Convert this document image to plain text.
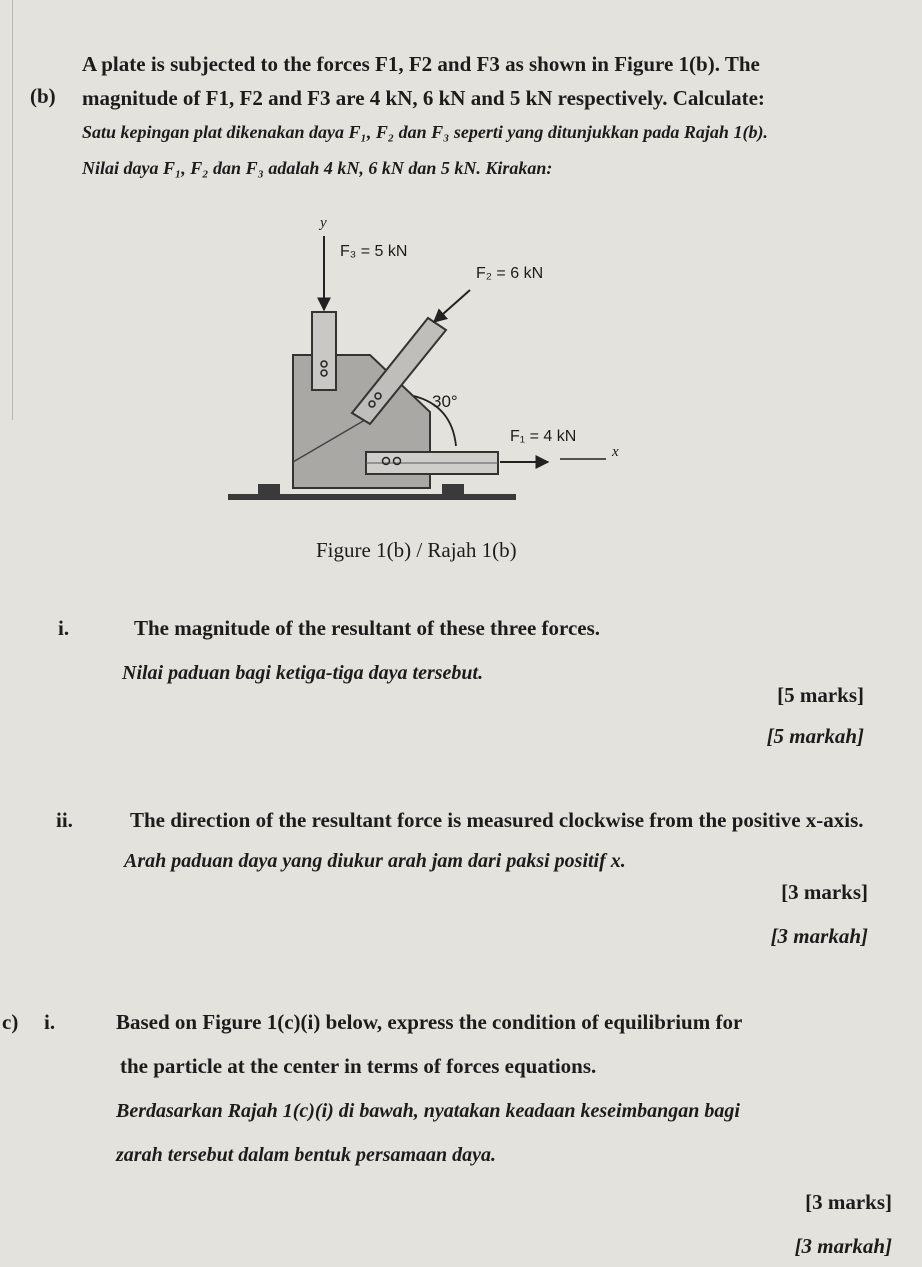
(b)
A plate is subjected to the forces F1, F2 and F3 as shown in Figure 1(b). The
magnitude of F1, F2 and F3 are 4 kN, 6 kN and 5 kN respectively. Calculate:
Satu kepingan plat dikenakan daya F₁, F₂ dan F₃ seperti yang ditunjukkan pada Rajah 1(b).
Nilai daya F₁, F₂ dan F₃ adalah 4 kN, 6 kN dan 5 kN. Kirakan:
y
x
F₃ = 5 kN
F₂ = 6 kN
F₁ = 4 kN
30°
Figure 1(b) / Rajah 1(b)
i.	The magnitude of the resultant of these three forces.
Nilai paduan bagi ketiga-tiga daya tersebut.
[5 marks]
[5 markah]
ii.	The direction of the resultant force is measured clockwise from the positive x-axis.
Arah paduan daya yang diukur arah jam dari paksi positif x.
[3 marks]
[3 markah]
c) i.	Based on Figure 1(c)(i) below, express the condition of equilibrium for
the particle at the center in terms of forces equations.
Berdasarkan Rajah 1(c)(i) di bawah, nyatakan keadaan keseimbangan bagi
zarah tersebut dalam bentuk persamaan daya.
[3 marks]
[3 markah]
